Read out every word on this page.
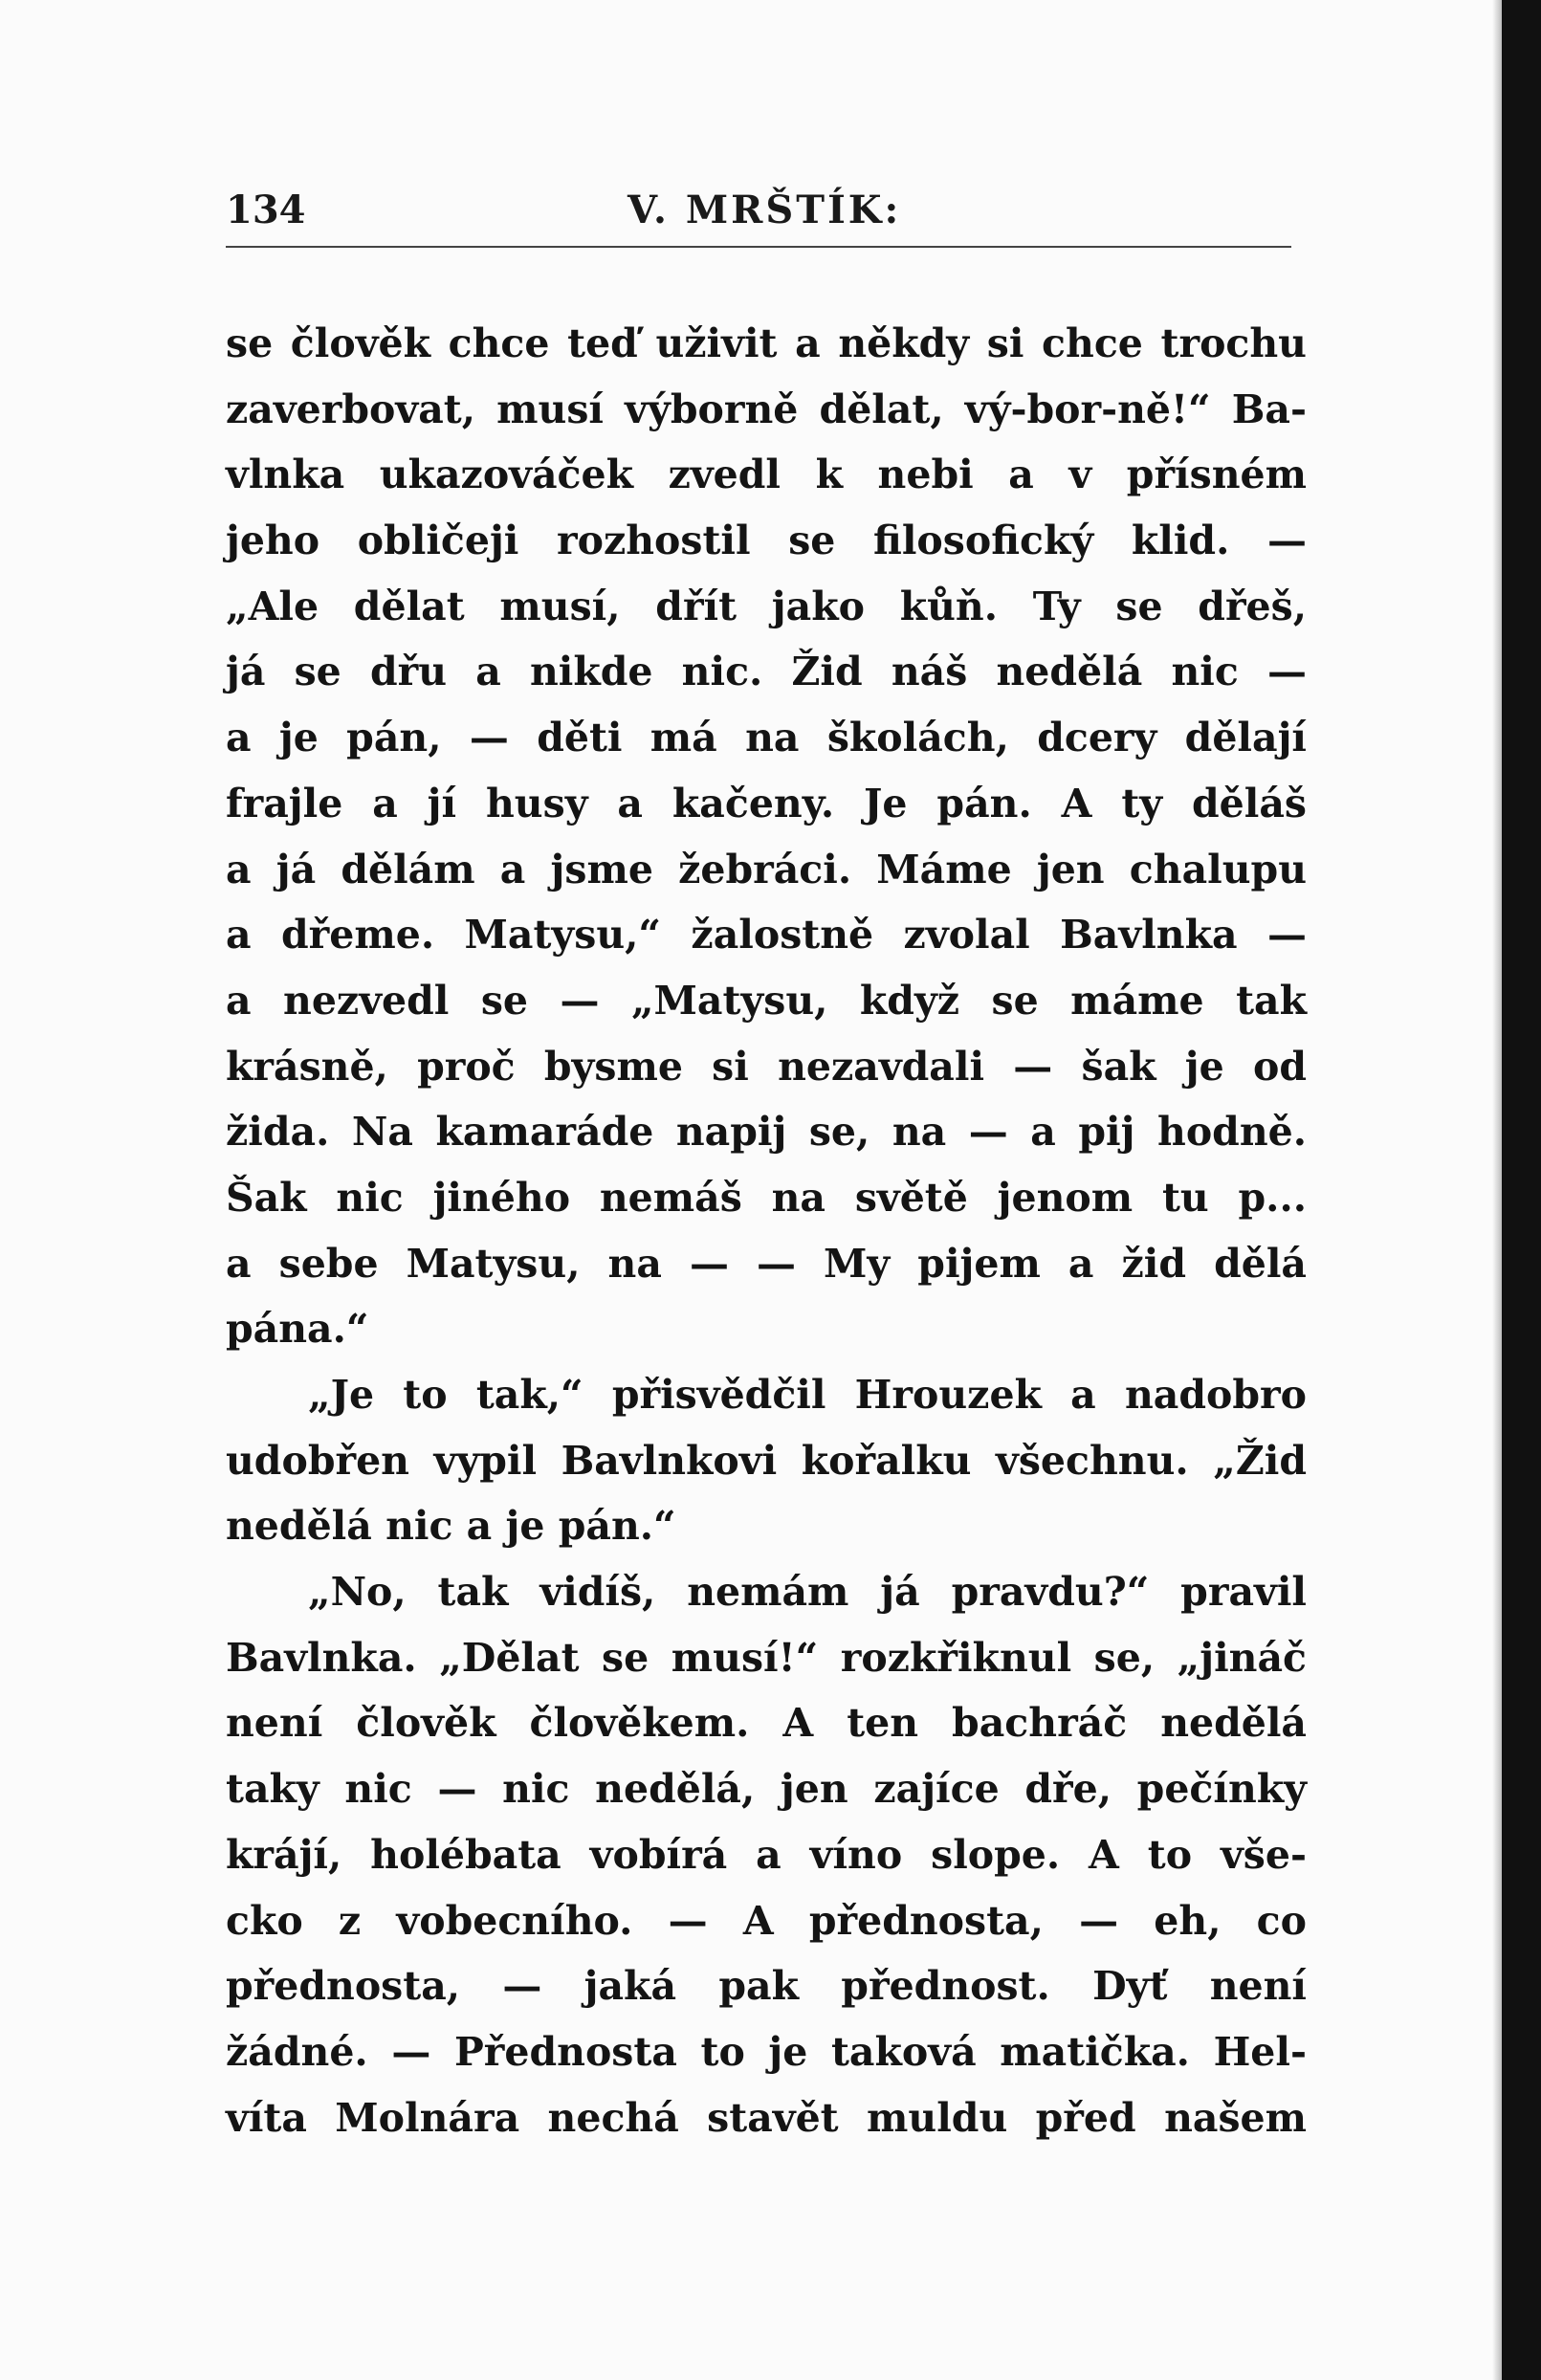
134	V. MRŠTÍK:
se člověk chce teď uživit a někdy si chce trochu
zaverbovat, musí výborně dělat, vý-bor-ně!“ Ba-
vlnka ukazováček zvedl k nebi a v přísném
jeho obličeji rozhostil se filosofický klid. —
„Ale dělat musí, dřít jako kůň. Ty se dřeš,
já se dřu a nikde nic. Žid náš nedělá nic —
a je pán, — děti má na školách, dcery dělají
frajle a jí husy a kačeny. Je pán. A ty děláš
a já dělám a jsme žebráci. Máme jen chalupu
a dřeme. Matysu,“ žalostně zvolal Bavlnka —
a nezvedl se — „Matysu, když se máme tak
krásně, proč bysme si nezavdali — šak je od
žida. Na kamaráde napij se, na — a pij hodně.
Šak nic jiného nemáš na světě jenom tu p...
a sebe Matysu, na — — My pijem a žid dělá
pána.“
„Je to tak,“ přisvědčil Hrouzek a nadobro
udobřen vypil Bavlnkovi kořalku všechnu. „Žid
nedělá nic a je pán.“
„No, tak vidíš, nemám já pravdu?“ pravil
Bavlnka. „Dělat se musí!“ rozkřiknul se, „jináč
není člověk člověkem. A ten bachráč nedělá
taky nic — nic nedělá, jen zajíce dře, pečínky
krájí, holébata vobírá a víno slope. A to vše-
cko z vobecního. — A přednosta, — eh, co
přednosta, — jaká pak přednost. Dyť není
žádné. — Přednosta to je taková matička. Hel-
víta Molnára nechá stavět muldu před našem
